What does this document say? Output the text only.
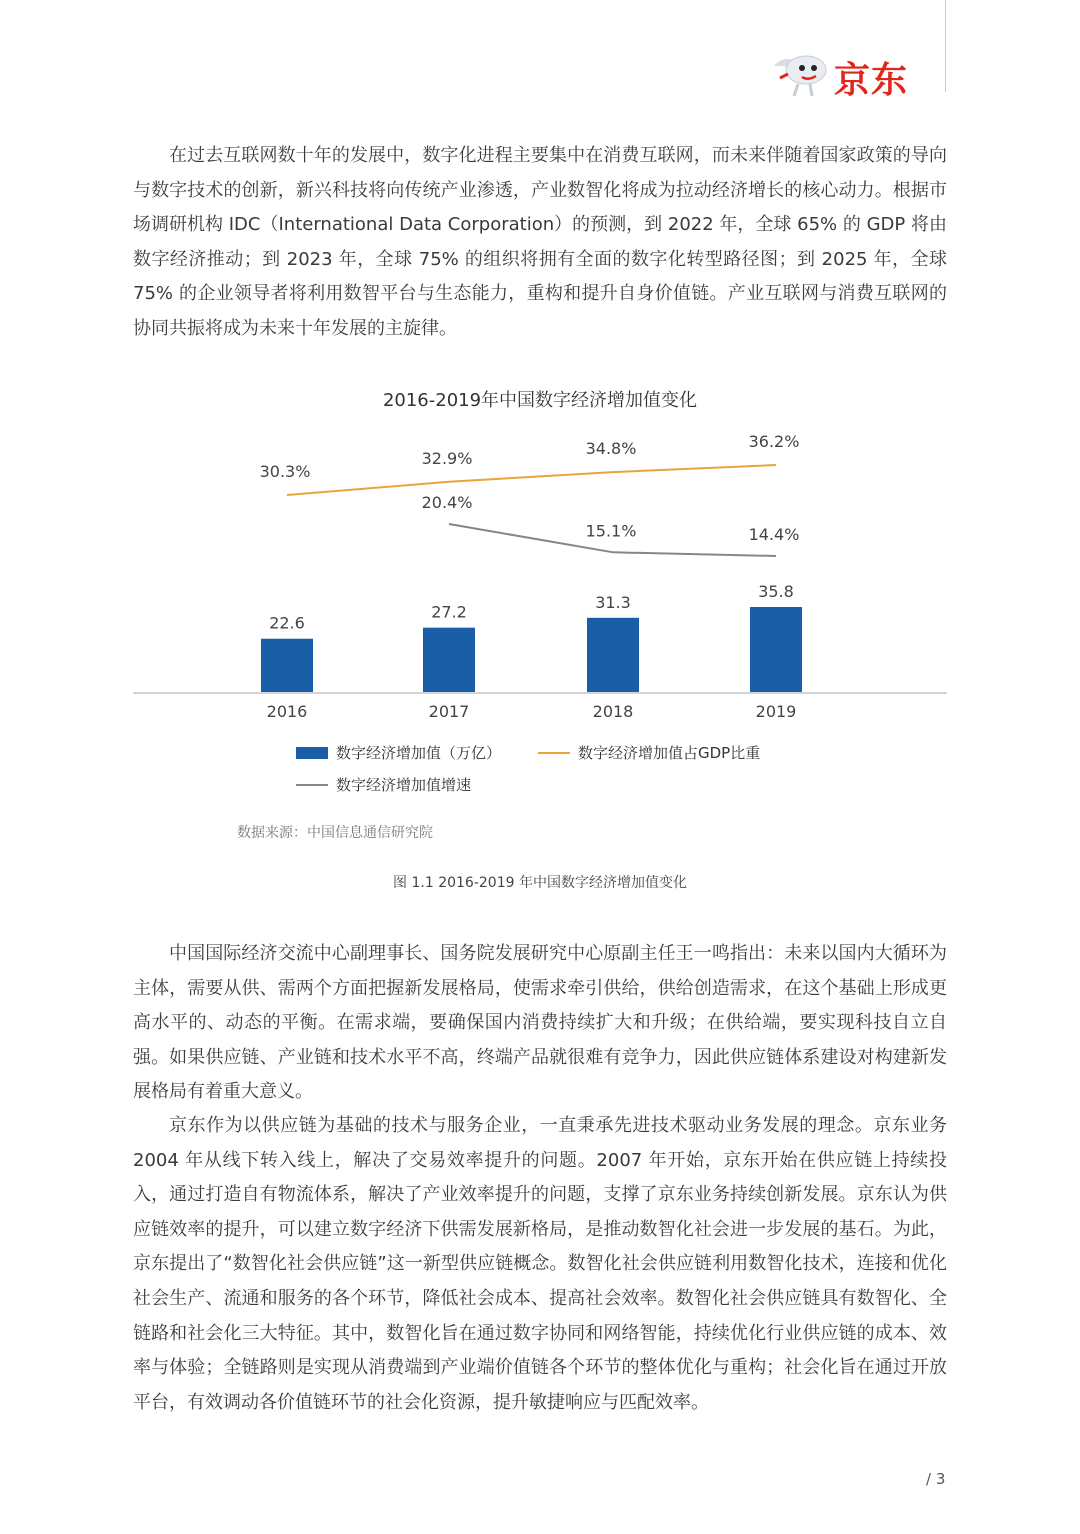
京东

在过去互联网数十年的发展中，数字化进程主要集中在消费互联网，而未来伴随着国家政策的导向与数字技术的创新，新兴科技将向传统产业渗透，产业数智化将成为拉动经济增长的核心动力。根据市场调研机构 IDC（International Data Corporation）的预测，到 2022 年，全球 65% 的 GDP 将由数字经济推动；到 2023 年，全球 75% 的组织将拥有全面的数字化转型路径图；到 2025 年，全球 75% 的企业领导者将利用数智平台与生态能力，重构和提升自身价值链。产业互联网与消费互联网的协同共振将成为未来十年发展的主旋律。

2016-2019年中国数字经济增加值变化
22.6
27.2
31.3
35.8
2016	2017	2018	2019
30.3%
32.9%
34.8%	36.2%
20.4%
15.1%	14.4%
数字经济增加值（万亿）	数字经济增加值占GDP比重
数字经济增加值增速
数据来源：中国信息通信研究院
图 1.1 2016-2019 年中国数字经济增加值变化

中国国际经济交流中心副理事长、国务院发展研究中心原副主任王一鸣指出：未来以国内大循环为主体，需要从供、需两个方面把握新发展格局，使需求牵引供给，供给创造需求，在这个基础上形成更高水平的、动态的平衡。在需求端，要确保国内消费持续扩大和升级；在供给端，要实现科技自立自强。如果供应链、产业链和技术水平不高，终端产品就很难有竞争力，因此供应链体系建设对构建新发展格局有着重大意义。

京东作为以供应链为基础的技术与服务企业，一直秉承先进技术驱动业务发展的理念。京东业务 2004 年从线下转入线上，解决了交易效率提升的问题。2007 年开始，京东开始在供应链上持续投入，通过打造自有物流体系，解决了产业效率提升的问题，支撑了京东业务持续创新发展。京东认为供应链效率的提升，可以建立数字经济下供需发展新格局，是推动数智化社会进一步发展的基石。为此，京东提出了“数智化社会供应链”这一新型供应链概念。数智化社会供应链利用数智化技术，连接和优化社会生产、流通和服务的各个环节，降低社会成本、提高社会效率。数智化社会供应链具有数智化、全链路和社会化三大特征。其中，数智化旨在通过数字协同和网络智能，持续优化行业供应链的成本、效率与体验；全链路则是实现从消费端到产业端价值链各个环节的整体优化与重构；社会化旨在通过开放平台，有效调动各价值链环节的社会化资源，提升敏捷响应与匹配效率。

/ 3
